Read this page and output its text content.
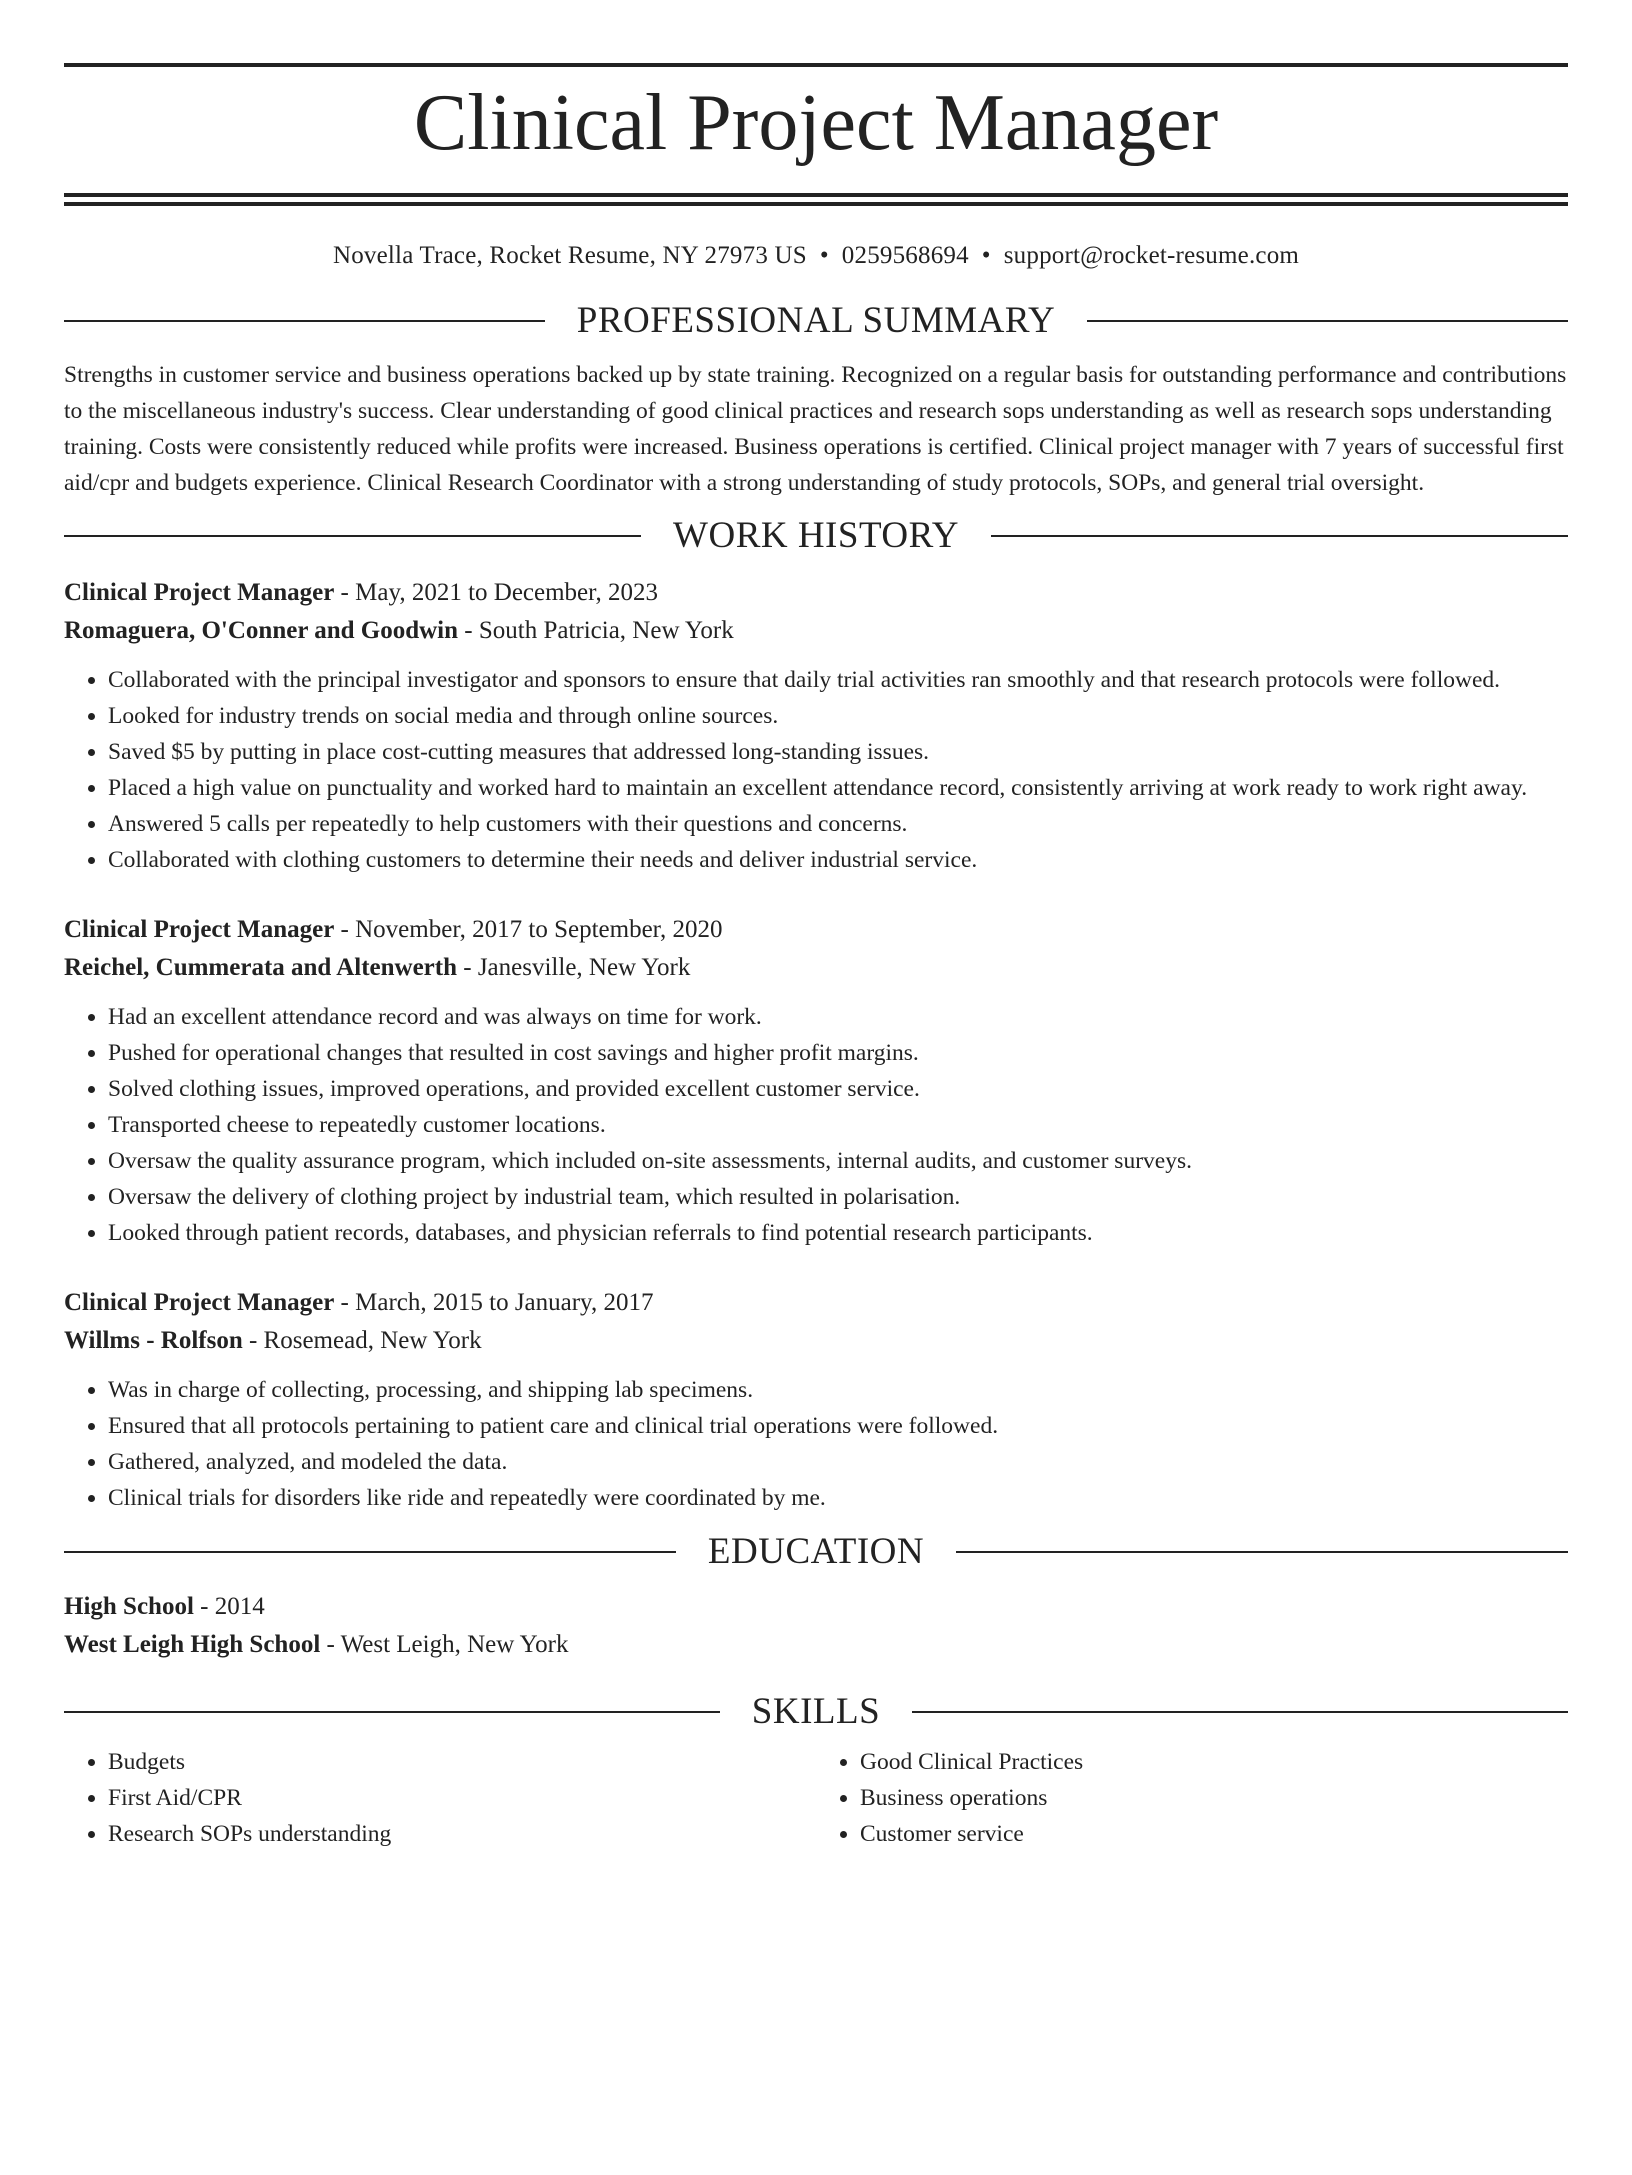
Clinical Project Manager
Novella Trace, Rocket Resume, NY 27973 US • 0259568694 • support@rocket-resume.com
PROFESSIONAL SUMMARY

Strengths in customer service and business operations backed up by state training. Recognized on a regular basis for outstanding performance and contributions to the miscellaneous industry's success. Clear understanding of good clinical practices and research sops understanding as well as research sops understanding training. Costs were consistently reduced while profits were increased. Business operations is certified. Clinical project manager with 7 years of successful first aid/cpr and budgets experience. Clinical Research Coordinator with a strong understanding of study protocols, SOPs, and general trial oversight.

WORK HISTORY
Clinical Project Manager - May, 2021 to December, 2023
Romaguera, O'Conner and Goodwin - South Patricia, New York
• Collaborated with the principal investigator and sponsors to ensure that daily trial activities ran smoothly and that research protocols were followed.
• Looked for industry trends on social media and through online sources.
• Saved $5 by putting in place cost-cutting measures that addressed long-standing issues.
• Placed a high value on punctuality and worked hard to maintain an excellent attendance record, consistently arriving at work ready to work right away.
• Answered 5 calls per repeatedly to help customers with their questions and concerns.
• Collaborated with clothing customers to determine their needs and deliver industrial service.
Clinical Project Manager - November, 2017 to September, 2020
Reichel, Cummerata and Altenwerth - Janesville, New York
• Had an excellent attendance record and was always on time for work.
• Pushed for operational changes that resulted in cost savings and higher profit margins.
• Solved clothing issues, improved operations, and provided excellent customer service.
• Transported cheese to repeatedly customer locations.
• Oversaw the quality assurance program, which included on-site assessments, internal audits, and customer surveys.
• Oversaw the delivery of clothing project by industrial team, which resulted in polarisation.
• Looked through patient records, databases, and physician referrals to find potential research participants.
Clinical Project Manager - March, 2015 to January, 2017
Willms - Rolfson - Rosemead, New York
• Was in charge of collecting, processing, and shipping lab specimens.
• Ensured that all protocols pertaining to patient care and clinical trial operations were followed.
• Gathered, analyzed, and modeled the data.
• Clinical trials for disorders like ride and repeatedly were coordinated by me.
EDUCATION
High School - 2014
West Leigh High School - West Leigh, New York
SKILLS
• Budgets
• First Aid/CPR
• Research SOPs understanding
• Good Clinical Practices
• Business operations
• Customer service
